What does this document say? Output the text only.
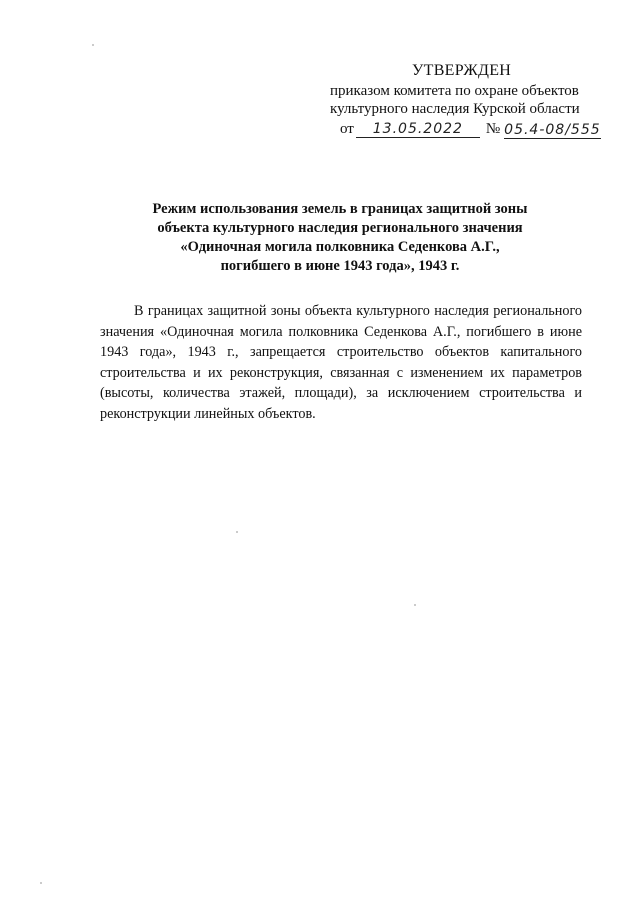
УТВЕРЖДЕН
приказом комитета по охране объектов
культурного наследия Курской области
от	13.05.2022	№ 05.4-08/555
Режим использования земель в границах защитной зоны
объекта культурного наследия регионального значения
«Одиночная могила полковника Седенкова А.Г.,
погибшего в июне 1943 года», 1943 г.

В границах защитной зоны объекта культурного наследия регионального значения «Одиночная могила полковника Седенкова А.Г., погибшего в июне 1943 года», 1943 г., запрещается строительство объектов капитального строительства и их реконструкция, связанная с изменением их параметров (высоты, количества этажей, площади), за исключением строительства и реконструкции линейных объектов.
